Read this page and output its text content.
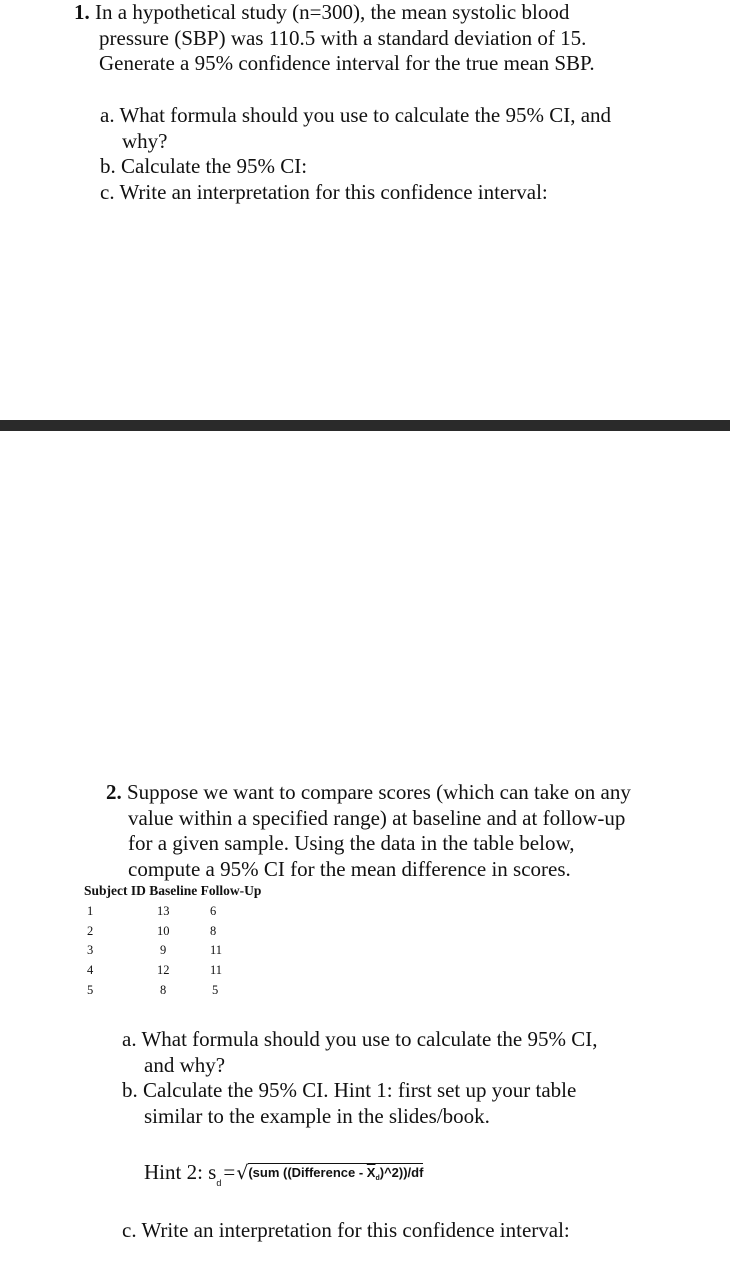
1. In a hypothetical study (n=300), the mean systolic blood
pressure (SBP) was 110.5 with a standard deviation of 15.
Generate a 95% confidence interval for the true mean SBP.
a. What formula should you use to calculate the 95% CI, and
why?
b. Calculate the 95% CI:
c. Write an interpretation for this confidence interval:
2. Suppose we want to compare scores (which can take on any
value within a specified range) at baseline and at follow-up
for a given sample. Using the data in the table below,
compute a 95% CI for the mean difference in scores.
Subject ID Baseline Follow-Up
1	13	6
2	10	8
3	9	11
4	12	11
5	8	5
a. What formula should you use to calculate the 95% CI,
and why?
b. Calculate the 95% CI. Hint 1: first set up your table
similar to the example in the slides/book.
Hint 2: $s_d = √(sum$ ((Difference - $\overline{X}_d)\^{}2))/df$
c. Write an interpretation for this confidence interval:
